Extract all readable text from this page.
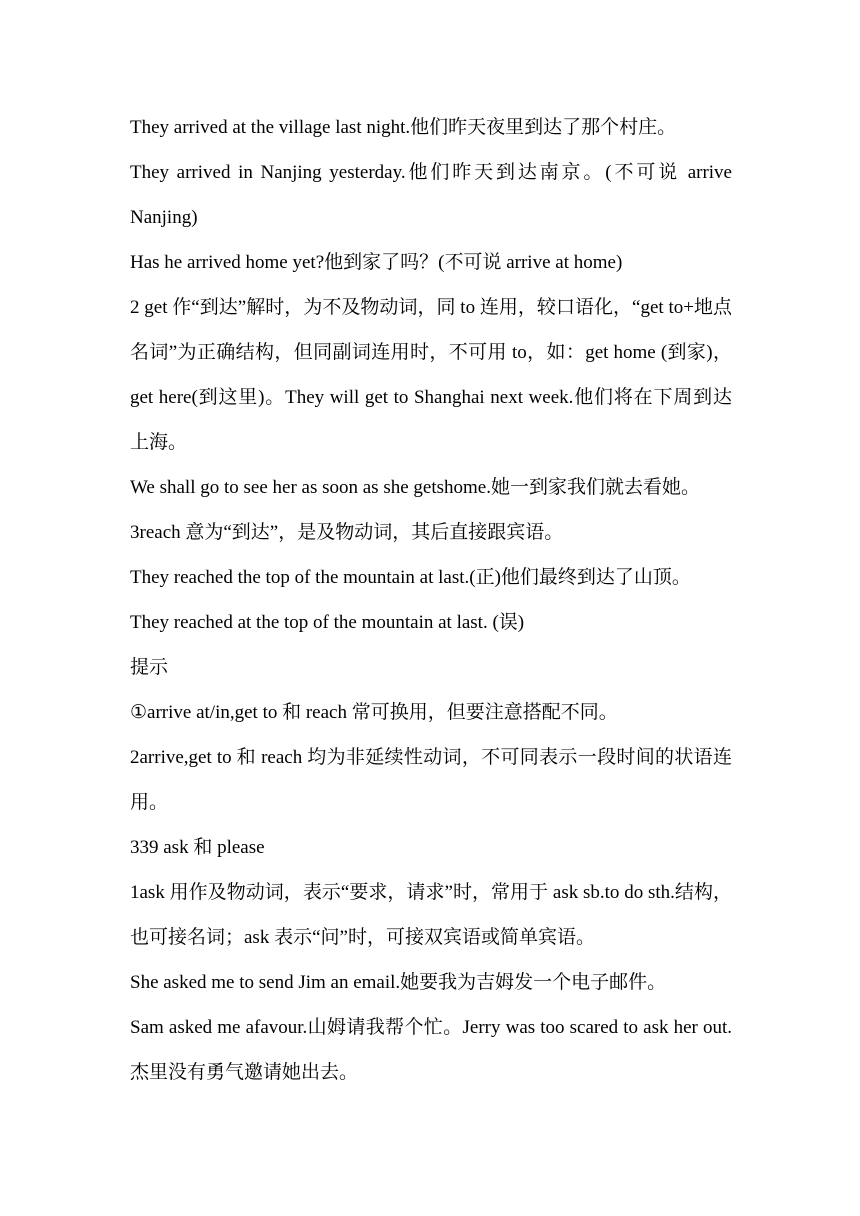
They arrived at the village last night.他们昨天夜里到达了那个村庄。

They arrived in Nanjing yesterday.他们昨天到达南京。(不可说 arrive Nanjing)

Has he arrived home yet?他到家了吗？(不可说 arrive at home)

2 get 作“到达”解时，为不及物动词，同 to 连用，较口语化，“get to+地点名词”为正确结构，但同副词连用时，不可用 to，如：get home (到家)，get here(到这里)。They will get to Shanghai next week.他们将在下周到达上海。

We shall go to see her as soon as she getshome.她一到家我们就去看她。

3reach 意为“到达”，是及物动词，其后直接跟宾语。

They reached the top of the mountain at last.(正)他们最终到达了山顶。

They reached at the top of the mountain at last. (误)

提示

①arrive at/in,get to 和 reach 常可换用，但要注意搭配不同。

2arrive,get to 和 reach 均为非延续性动词，不可同表示一段时间的状语连用。

339 ask 和 please

1ask 用作及物动词，表示“要求，请求”时，常用于 ask sb.to do sth.结构，也可接名词；ask 表示“问”时，可接双宾语或简单宾语。

She asked me to send Jim an email.她要我为吉姆发一个电子邮件。

Sam asked me afavour.山姆请我帮个忙。Jerry was too scared to ask her out.杰里没有勇气邀请她出去。
